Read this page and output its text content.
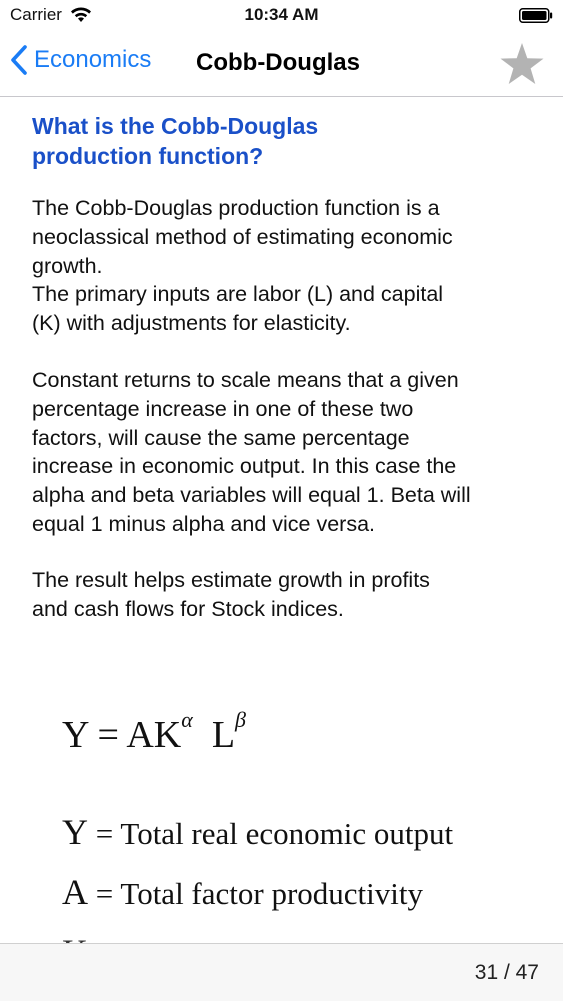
Carrier	10:34 AM
Economics Cobb-Douglas
What is the Cobb-Douglas
production function?
The Cobb-Douglas production function is a
neoclassical method of estimating economic
growth.
The primary inputs are labor (L) and capital
(K) with adjustments for elasticity.
Constant returns to scale means that a given
percentage increase in one of these two
factors, will cause the same percentage
increase in economic output. In this case the
alpha and beta variables will equal 1. Beta will
equal 1 minus alpha and vice versa.
The result helps estimate growth in profits
and cash flows for Stock indices.
$Y = AK^\alpha$ $L^\beta$
Y = Total real economic output
A = Total factor productivity
31 / 47
